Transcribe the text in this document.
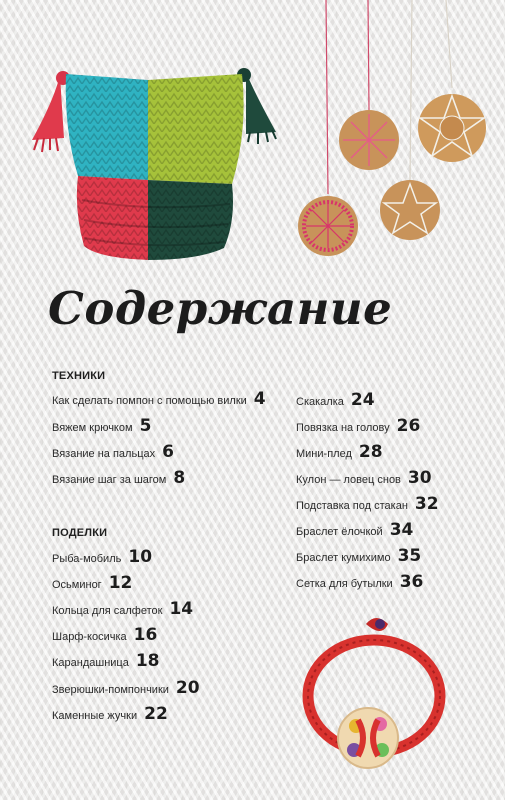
Содержание
ТЕХНИКИ
Как сделать помпон с помощью вилки 4
Вяжем крючком 5
Вязание на пальцах 6
Вязание шаг за шагом 8
ПОДЕЛКИ
Рыба-мобиль 10
Осьминог 12
Кольца для салфеток 14
Шарф-косичка 16
Карандашница 18
Зверюшки-помпончики 20
Каменные жучки 22
Скакалка 24
Повязка на голову 26
Мини-плед 28
Кулон — ловец снов 30
Подставка под стакан 32
Браслет ёлочкой 34
Браслет кумихимо 35
Сетка для бутылки 36
